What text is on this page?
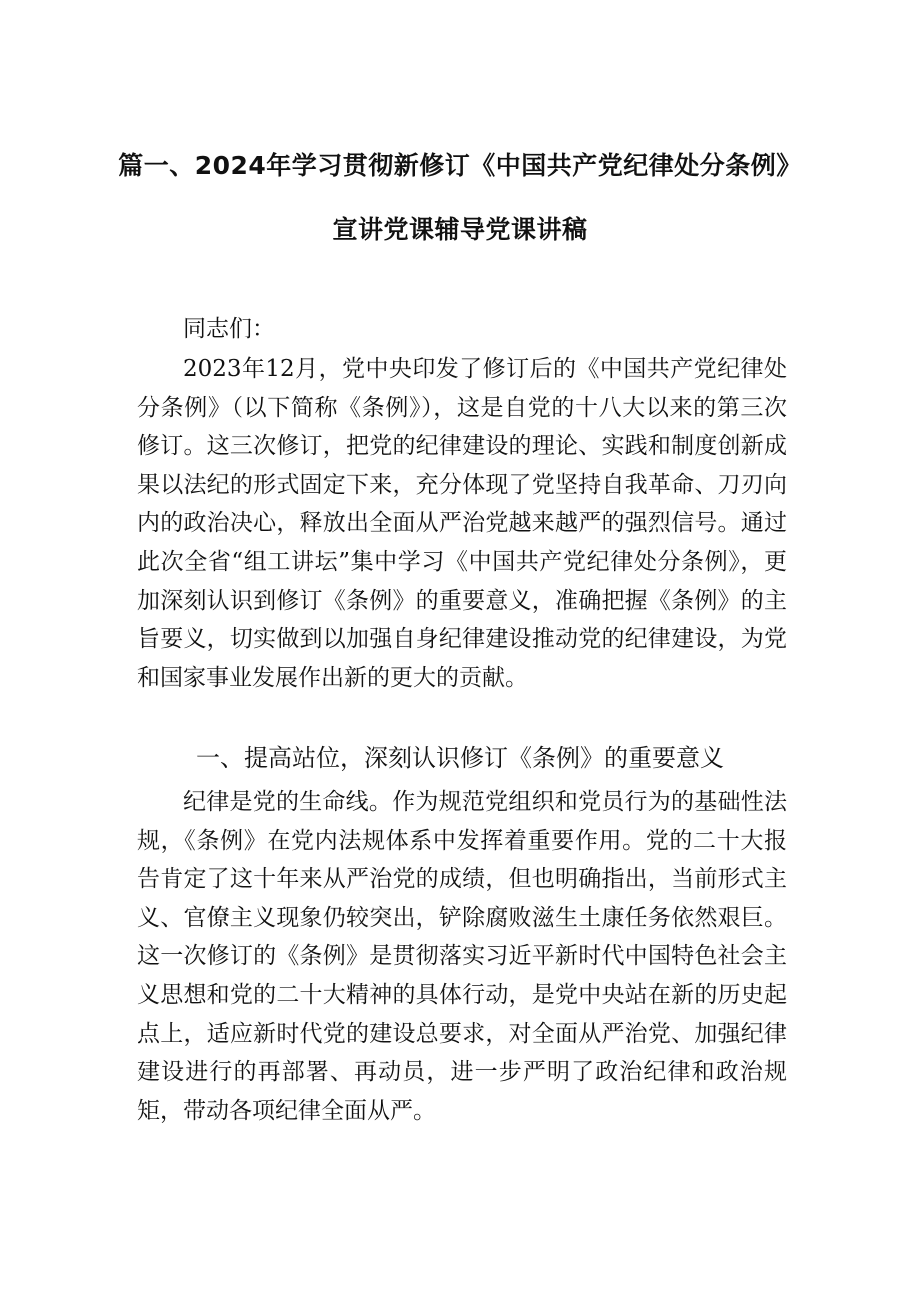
篇一、2024年学习贯彻新修订《中国共产党纪律处分条例》
宣讲党课辅导党课讲稿
同志们：
2023年12月，党中央印发了修订后的《中国共产党纪律处分条例》（以下简称《条例》），这是自党的十八大以来的第三次修订。这三次修订，把党的纪律建设的理论、实践和制度创新成果以法纪的形式固定下来，充分体现了党坚持自我革命、刀刃向内的政治决心，释放出全面从严治党越来越严的强烈信号。通过此次全省“组工讲坛”集中学习《中国共产党纪律处分条例》，更加深刻认识到修订《条例》的重要意义，准确把握《条例》的主旨要义，切实做到以加强自身纪律建设推动党的纪律建设，为党和国家事业发展作出新的更大的贡献。
一、提高站位，深刻认识修订《条例》的重要意义
纪律是党的生命线。作为规范党组织和党员行为的基础性法规，《条例》在党内法规体系中发挥着重要作用。党的二十大报告肯定了这十年来从严治党的成绩，但也明确指出，当前形式主义、官僚主义现象仍较突出，铲除腐败滋生土康任务依然艰巨。这一次修订的《条例》是贯彻落实习近平新时代中国特色社会主义思想和党的二十大精神的具体行动，是党中央站在新的历史起点上，适应新时代党的建设总要求，对全面从严治党、加强纪律建设进行的再部署、再动员，进一步严明了政治纪律和政治规矩，带动各项纪律全面从严。
